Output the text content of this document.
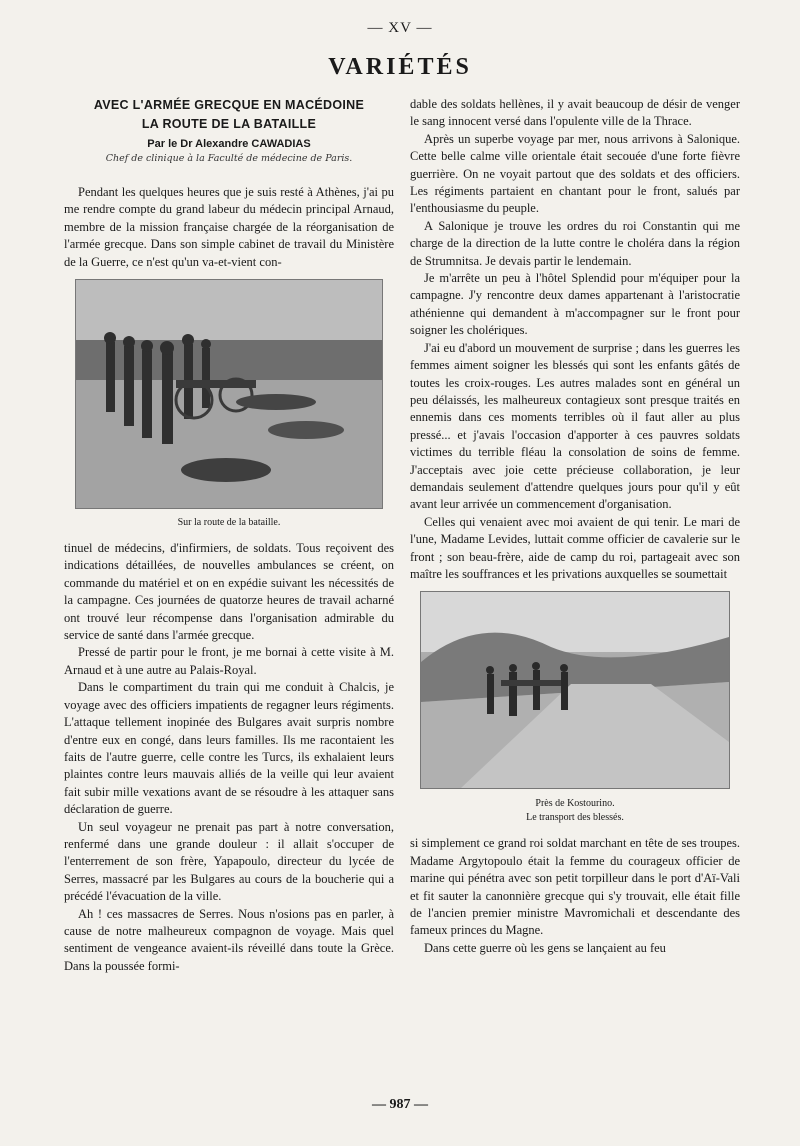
— XV —
VARIÉTÉS
AVEC L'ARMÉE GRECQUE EN MACÉDOINE
LA ROUTE DE LA BATAILLE
Par le Dr Alexandre CAWADIAS
Chef de clinique à la Faculté de médecine de Paris.

Pendant les quelques heures que je suis resté à Athènes, j'ai pu me rendre compte du grand labeur du médecin principal Arnaud, membre de la mission française chargée de la réorganisation de l'armée grecque. Dans son simple cabinet de travail du Ministère de la Guerre, ce n'est qu'un va-et-vient con-

Sur la route de la bataille.

tinuel de médecins, d'infirmiers, de soldats. Tous reçoivent des indications détaillées, de nouvelles ambulances se créent, on commande du matériel et on en expédie suivant les nécessités de la campagne. Ces journées de quatorze heures de travail acharné ont trouvé leur récompense dans l'organisation admirable du service de santé dans l'armée grecque.

Pressé de partir pour le front, je me bornai à cette visite à M. Arnaud et à une autre au Palais-Royal.

Dans le compartiment du train qui me conduit à Chalcis, je voyage avec des officiers impatients de regagner leurs régiments. L'attaque tellement inopinée des Bulgares avait surpris nombre d'entre eux en congé, dans leurs familles. Ils me racontaient les faits de l'autre guerre, celle contre les Turcs, ils exhalaient leurs plaintes contre leurs mauvais alliés de la veille qui leur avaient fait subir mille vexations avant de se résoudre à les attaquer sans déclaration de guerre.

Un seul voyageur ne prenait pas part à notre conversation, renfermé dans une grande douleur : il allait s'occuper de l'enterrement de son frère, Yapapoulo, directeur du lycée de Serres, massacré par les Bulgares au cours de la boucherie qui a précédé l'évacuation de la ville.

Ah ! ces massacres de Serres. Nous n'osions pas en parler, à cause de notre malheureux compagnon de voyage. Mais quel sentiment de vengeance avaient-ils réveillé dans toute la Grèce. Dans la poussée formi-

dable des soldats hellènes, il y avait beaucoup de désir de venger le sang innocent versé dans l'opulente ville de la Thrace.

Après un superbe voyage par mer, nous arrivons à Salonique. Cette belle calme ville orientale était secouée d'une forte fièvre guerrière. On ne voyait partout que des soldats et des officiers. Les régiments partaient en chantant pour le front, salués par l'enthousiasme du peuple.

A Salonique je trouve les ordres du roi Constantin qui me charge de la direction de la lutte contre le choléra dans la région de Strumnitsa. Je devais partir le lendemain.

Je m'arrête un peu à l'hôtel Splendid pour m'équiper pour la campagne. J'y rencontre deux dames appartenant à l'aristocratie athénienne qui demandent à m'accompagner sur le front pour soigner les cholériques.

J'ai eu d'abord un mouvement de surprise ; dans les guerres les femmes aiment soigner les blessés qui sont les enfants gâtés de toutes les croix-rouges. Les autres malades sont en général un peu délaissés, les malheureux contagieux sont presque traités en ennemis dans ces moments terribles où il faut aller au plus pressé... et j'avais l'occasion d'apporter à ces pauvres soldats victimes du terrible fléau la consolation de soins de femme. J'acceptais avec joie cette précieuse collaboration, je leur demandais seulement d'attendre quelques jours pour qu'il y eût avant leur arrivée un commencement d'organisation.

Celles qui venaient avec moi avaient de qui tenir. Le mari de l'une, Madame Levides, luttait comme officier de cavalerie sur le front ; son beau-frère, aide de camp du roi, partageait avec son maître les souffrances et les privations auxquelles se soumettait

Près de Kostourino.
Le transport des blessés.

si simplement ce grand roi soldat marchant en tête de ses troupes. Madame Argytopoulo était la femme du courageux officier de marine qui pénétra avec son petit torpilleur dans le port d'Aï-Vali et fit sauter la canonnière grecque qui s'y trouvait, elle était fille de l'ancien premier ministre Mavromichali et descendante des fameux princes du Magne.

Dans cette guerre où les gens se lançaient au feu

— 987 —
